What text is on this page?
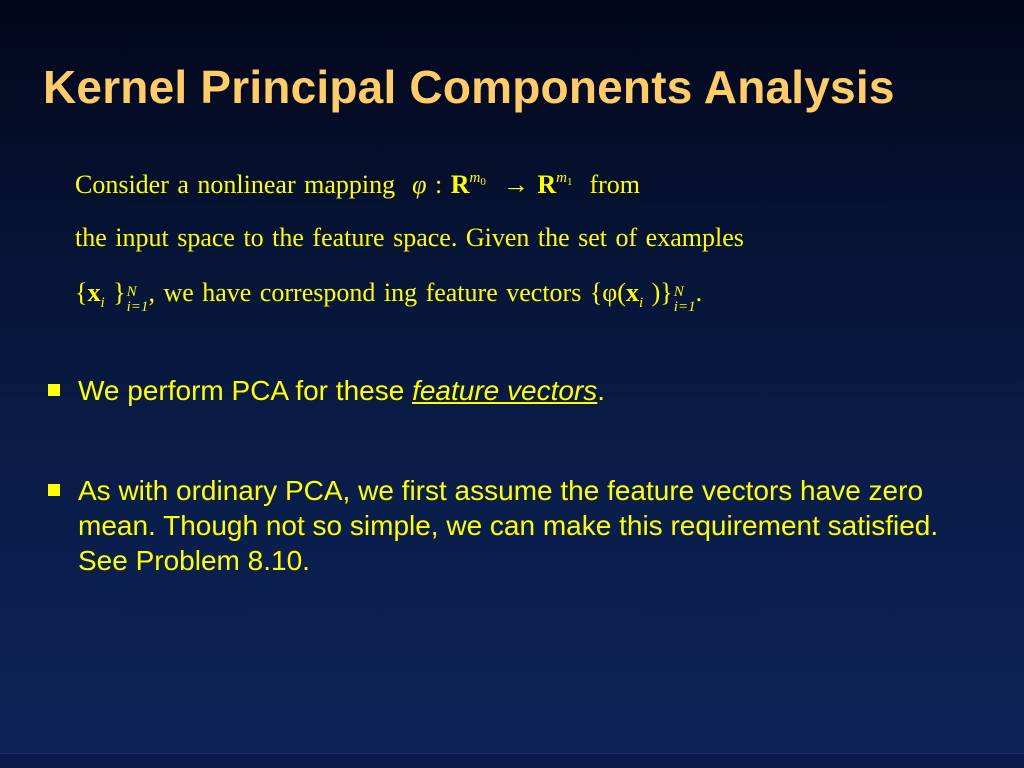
Kernel Principal Components Analysis
Consider a nonlinear mapping φ : $R^{m0} \to R^{m1}$ from
the input space to the feature space. Given the set of examples
{$x_i$ } N
i=1 , we have correspond ing feature vectors {$\varphi(x_i$ )} N
i=1 .
We perform PCA for these feature vectors.
As with ordinary PCA, we first assume the feature vectors have zero mean. Though not so simple, we can make this requirement satisfied. See Problem 8.10.
